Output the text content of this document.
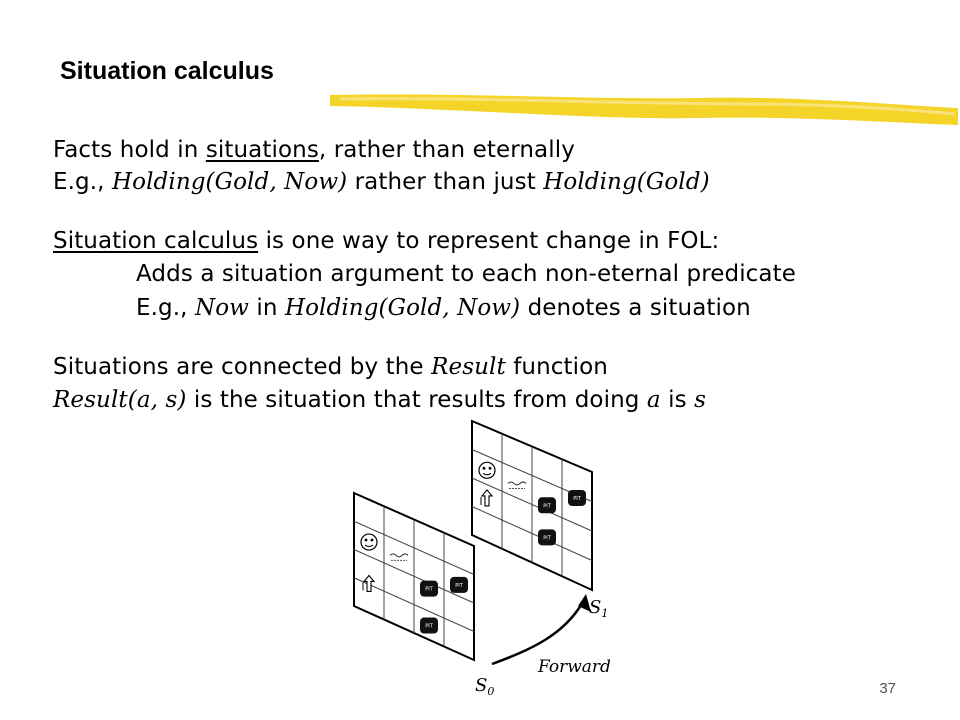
Situation calculus
Facts hold in situations, rather than eternally
E.g., Holding(Gold, Now) rather than just Holding(Gold)
Situation calculus is one way to represent change in FOL:
Adds a situation argument to each non-eternal predicate
E.g., Now in Holding(Gold, Now) denotes a situation
Situations are connected by the Result function
Result(a, s) is the situation that results from doing a is s
PIT
PIT
PIT
PIT
PIT
PIT
Forward
$S_0$
$S_1$
37
